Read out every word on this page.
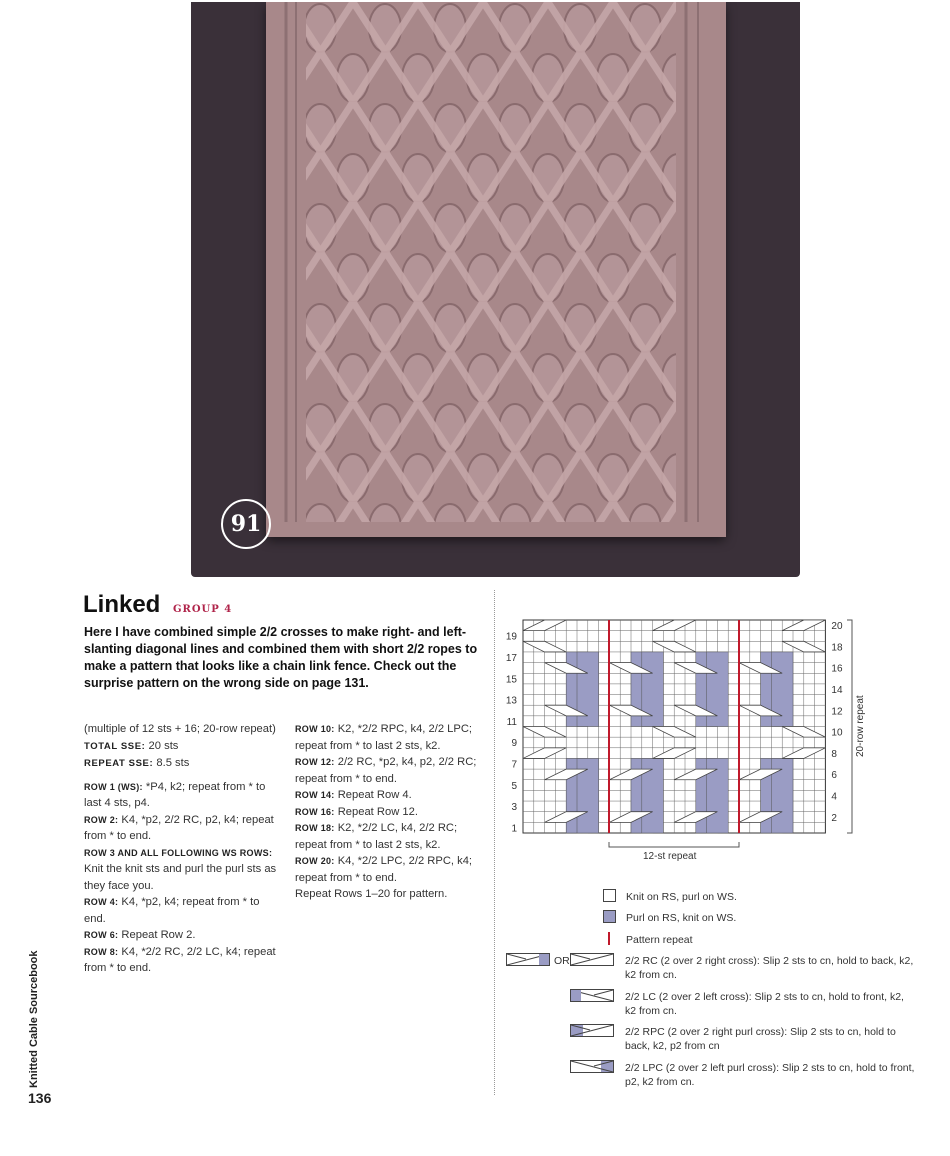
91
Linked GROUP 4
Here I have combined simple 2/2 crosses to make right- and left-slanting diagonal lines and combined them with short 2/2 ropes to make a pattern that looks like a chain link fence. Check out the surprise pattern on the wrong side on page 131.
(multiple of 12 sts + 16; 20-row repeat)
TOTAL SSE: 20 sts
REPEAT SSE: 8.5 sts
ROW 1 (WS): *P4, k2; repeat from * to last 4 sts, p4.
ROW 2: K4, *p2, 2/2 RC, p2, k4; repeat from * to end.
ROW 3 AND ALL FOLLOWING WS ROWS: Knit the knit sts and purl the purl sts as they face you.
ROW 4: K4, *p2, k4; repeat from * to end.
ROW 6: Repeat Row 2.
ROW 8: K4, *2/2 RC, 2/2 LC, k4; repeat from * to end.
ROW 10: K2, *2/2 RPC, k4, 2/2 LPC; repeat from * to last 2 sts, k2.
ROW 12: 2/2 RC, *p2, k4, p2, 2/2 RC; repeat from * to end.
ROW 14: Repeat Row 4.
ROW 16: Repeat Row 12.
ROW 18: K2, *2/2 LC, k4, 2/2 RC; repeat from * to last 2 sts, k2.
ROW 20: K4, *2/2 LPC, 2/2 RPC, k4; repeat from * to end.
Repeat Rows 1–20 for pattern.
19
17
15
13
11
9
7
5
3
1
20
18
16
14
12
10
8
6
4
2
20-row repeat
12-st repeat
Knit on RS, purl on WS.
Purl on RS, knit on WS.
Pattern repeat
OR	2/2 RC (2 over 2 right cross): Slip 2 sts to cn, hold to back, k2, k2 from cn.
2/2 LC (2 over 2 left cross): Slip 2 sts to cn, hold to front, k2, k2 from cn.
2/2 RPC (2 over 2 right purl cross): Slip 2 sts to cn, hold to back, k2, p2 from cn
2/2 LPC (2 over 2 left purl cross): Slip 2 sts to cn, hold to front, p2, k2 from cn.
Knitted Cable Sourcebook
136
